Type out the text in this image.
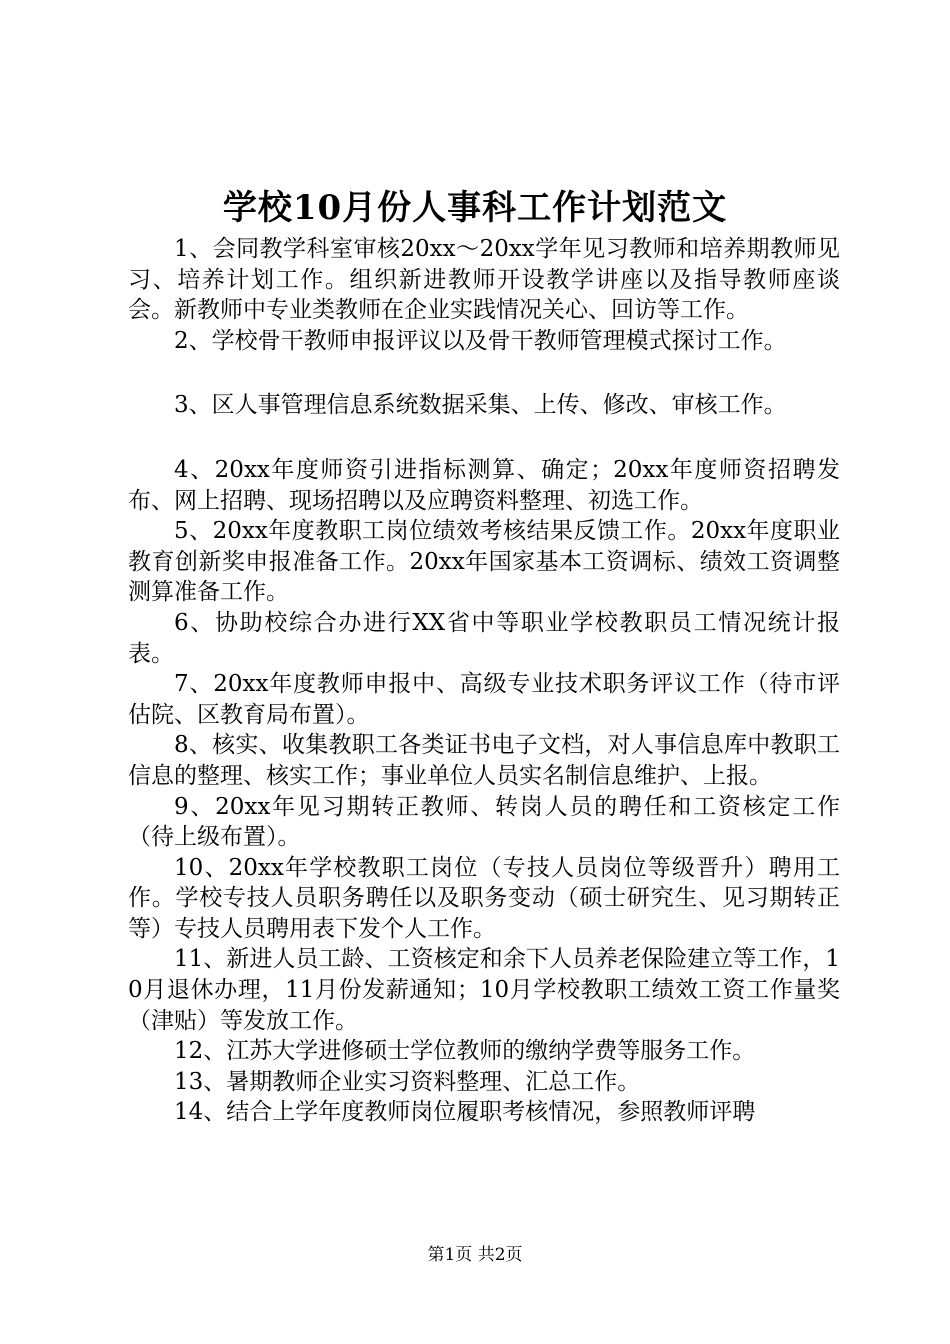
学校10月份人事科工作计划范文

1、会同教学科室审核20xx～20xx学年见习教师和培养期教师见习、培养计划工作。组织新进教师开设教学讲座以及指导教师座谈会。新教师中专业类教师在企业实践情况关心、回访等工作。

2、学校骨干教师申报评议以及骨干教师管理模式探讨工作。

3、区人事管理信息系统数据采集、上传、修改、审核工作。

4、20xx年度师资引进指标测算、确定；20xx年度师资招聘发布、网上招聘、现场招聘以及应聘资料整理、初选工作。

5、20xx年度教职工岗位绩效考核结果反馈工作。20xx年度职业教育创新奖申报准备工作。20xx年国家基本工资调标、绩效工资调整测算准备工作。

6、协助校综合办进行XX省中等职业学校教职员工情况统计报表。

7、20xx年度教师申报中、高级专业技术职务评议工作（待市评估院、区教育局布置）。

8、核实、收集教职工各类证书电子文档，对人事信息库中教职工信息的整理、核实工作；事业单位人员实名制信息维护、上报。

9、20xx年见习期转正教师、转岗人员的聘任和工资核定工作（待上级布置）。

10、20xx年学校教职工岗位（专技人员岗位等级晋升）聘用工作。学校专技人员职务聘任以及职务变动（硕士研究生、见习期转正等）专技人员聘用表下发个人工作。

11、新进人员工龄、工资核定和余下人员养老保险建立等工作，10月退休办理，11月份发薪通知；10月学校教职工绩效工资工作量奖（津贴）等发放工作。

12、江苏大学进修硕士学位教师的缴纳学费等服务工作。

13、暑期教师企业实习资料整理、汇总工作。

14、结合上学年度教师岗位履职考核情况，参照教师评聘

第1页 共2页
